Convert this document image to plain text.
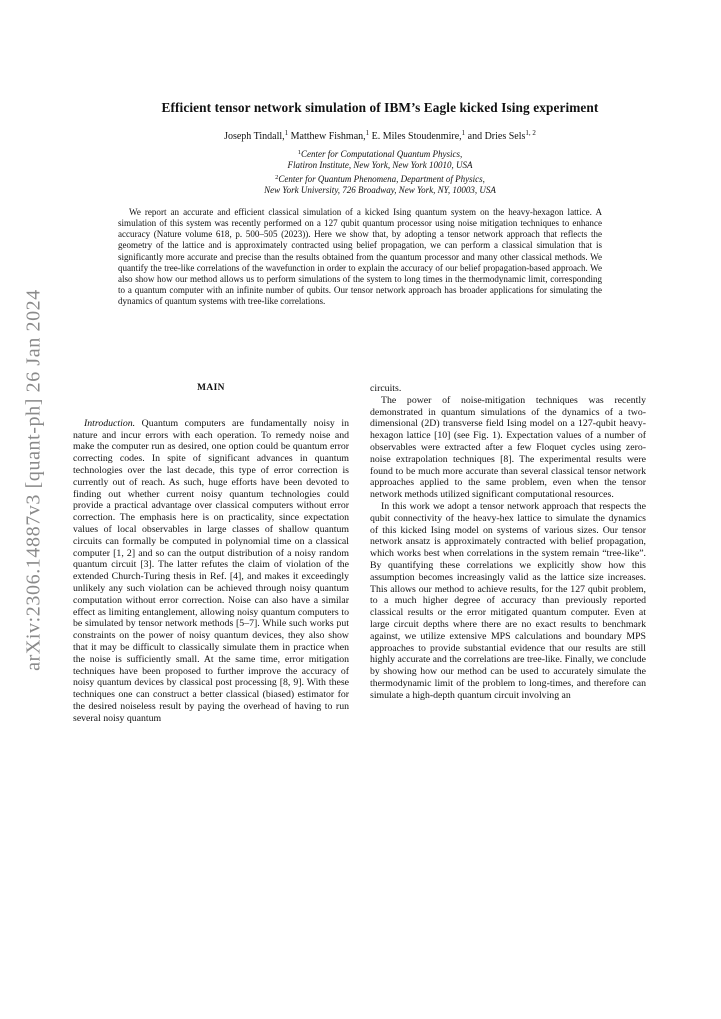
arXiv:2306.14887v3 [quant-ph] 26 Jan 2024
Efficient tensor network simulation of IBM’s Eagle kicked Ising experiment
Joseph Tindall,$^1$ Matthew Fishman,$^1$ E. Miles Stoudenmire,$^1$ and Dries Sels$^{1, 2}$
$^1$Center for Computational Quantum Physics,
Flatiron Institute, New York, New York 10010, USA
$^2$Center for Quantum Phenomena, Department of Physics,
New York University, 726 Broadway, New York, NY, 10003, USA
We report an accurate and efficient classical simulation of a kicked Ising quantum system on the heavy-hexagon lattice. A simulation of this system was recently performed on a 127 qubit quantum processor using noise mitigation techniques to enhance accuracy (Nature volume 618, p. 500–505 (2023)). Here we show that, by adopting a tensor network approach that reflects the geometry of the lattice and is approximately contracted using belief propagation, we can perform a classical simulation that is significantly more accurate and precise than the results obtained from the quantum processor and many other classical methods. We quantify the tree-like correlations of the wavefunction in order to explain the accuracy of our belief propagation-based approach. We also show how our method allows us to perform simulations of the system to long times in the thermodynamic limit, corresponding to a quantum computer with an infinite number of qubits. Our tensor network approach has broader applications for simulating the dynamics of quantum systems with tree-like correlations.
MAIN

Introduction. Quantum computers are fundamentally noisy in nature and incur errors with each operation. To remedy noise and make the computer run as desired, one option could be quantum error correcting codes. In spite of significant advances in quantum technologies over the last decade, this type of error correction is currently out of reach. As such, huge efforts have been devoted to finding out whether current noisy quantum technologies could provide a practical advantage over classical computers without error correction. The emphasis here is on practicality, since expectation values of local observables in large classes of shallow quantum circuits can formally be computed in polynomial time on a classical computer [1, 2] and so can the output distribution of a noisy random quantum circuit [3]. The latter refutes the claim of violation of the extended Church-Turing thesis in Ref. [4], and makes it exceedingly unlikely any such violation can be achieved through noisy quantum computation without error correction. Noise can also have a similar effect as limiting entanglement, allowing noisy quantum computers to be simulated by tensor network methods [5–7]. While such works put constraints on the power of noisy quantum devices, they also show that it may be difficult to classically simulate them in practice when the noise is sufficiently small. At the same time, error mitigation techniques have been proposed to further improve the accuracy of noisy quantum devices by classical post processing [8, 9]. With these techniques one can construct a better classical (biased) estimator for the desired noiseless result by paying the overhead of having to run several noisy quantum

circuits.

The power of noise-mitigation techniques was recently demonstrated in quantum simulations of the dynamics of a two-dimensional (2D) transverse field Ising model on a 127-qubit heavy-hexagon lattice [10] (see Fig. 1). Expectation values of a number of observables were extracted after a few Floquet cycles using zero-noise extrapolation techniques [8]. The experimental results were found to be much more accurate than several classical tensor network approaches applied to the same problem, even when the tensor network methods utilized significant computational resources.

In this work we adopt a tensor network approach that respects the qubit connectivity of the heavy-hex lattice to simulate the dynamics of this kicked Ising model on systems of various sizes. Our tensor network ansatz is approximately contracted with belief propagation, which works best when correlations in the system remain “tree-like”. By quantifying these correlations we explicitly show how this assumption becomes increasingly valid as the lattice size increases. This allows our method to achieve results, for the 127 qubit problem, to a much higher degree of accuracy than previously reported classical results or the error mitigated quantum computer. Even at large circuit depths where there are no exact results to benchmark against, we utilize extensive MPS calculations and boundary MPS approaches to provide substantial evidence that our results are still highly accurate and the correlations are tree-like. Finally, we conclude by showing how our method can be used to accurately simulate the thermodynamic limit of the problem to long-times, and therefore can simulate a high-depth quantum circuit involving an
